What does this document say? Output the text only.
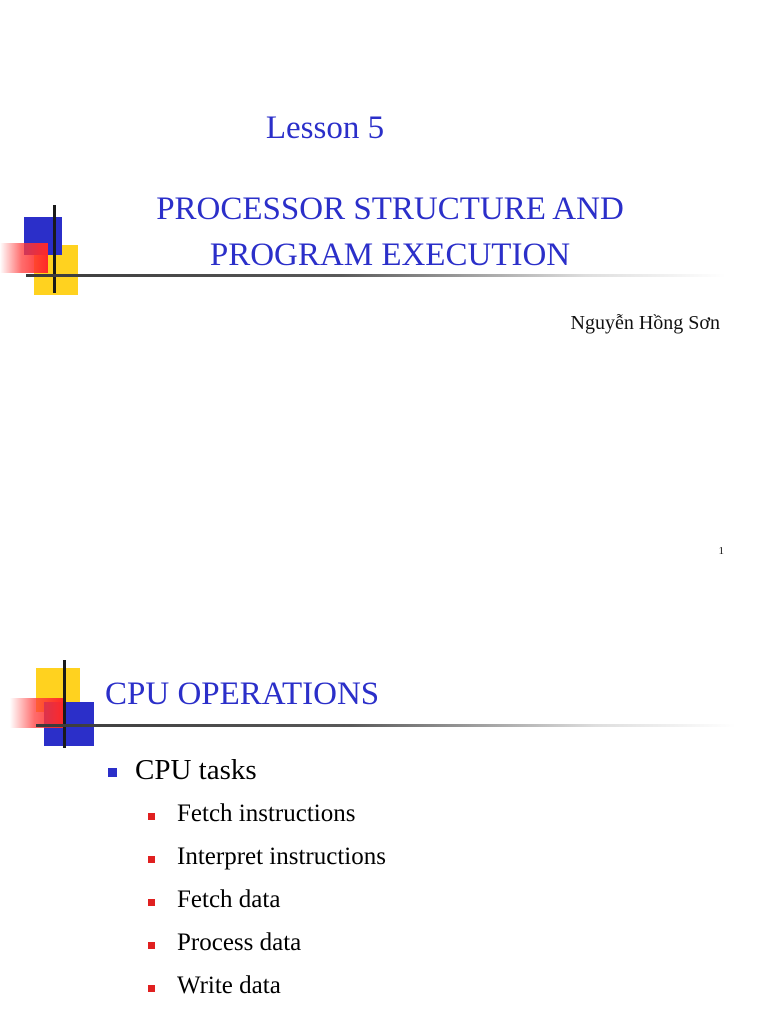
Lesson 5
PROCESSOR STRUCTURE AND
PROGRAM EXECUTION
Nguyễn Hồng Sơn
1
CPU OPERATIONS
CPU tasks
Fetch instructions
Interpret instructions
Fetch data
Process data
Write data
